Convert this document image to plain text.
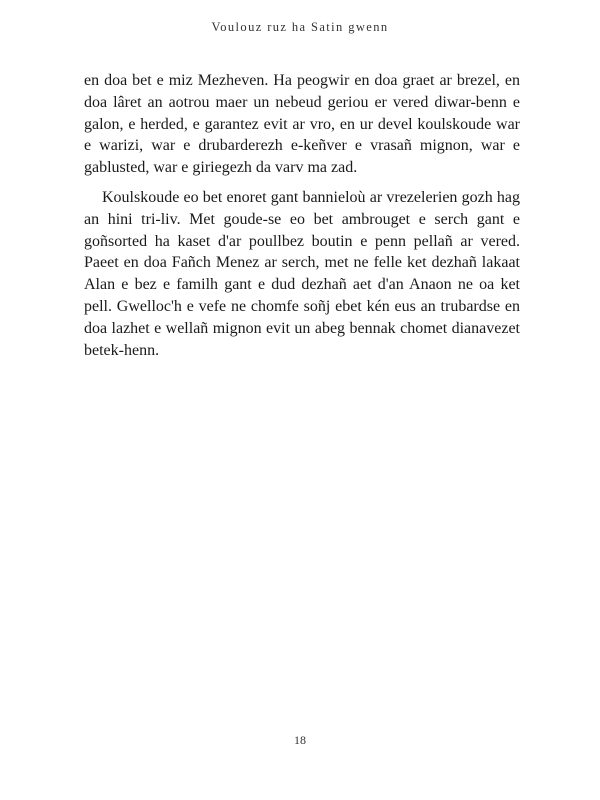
Voulouz ruz ha Satin gwenn

en doa bet e miz Mezheven. Ha peogwir en doa graet ar brezel, en doa lâret an aotrou maer un nebeud geriou er vered diwar-benn e galon, e herded, e garantez evit ar vro, en ur devel koulskoude war e warizi, war e drubarderezh e-keñver e vrasañ mignon, war e gablusted, war e giriegezh da varv ma zad.

Koulskoude eo bet enoret gant bannieloù ar vrezelerien gozh hag an hini tri-liv. Met goude-se eo bet ambrouget e serch gant e goñsorted ha kaset d'ar poullbez boutin e penn pellañ ar vered. Paeet en doa Fañch Menez ar serch, met ne felle ket dezhañ lakaat Alan e bez e familh gant e dud dezhañ aet d'an Anaon ne oa ket pell. Gwelloc'h e vefe ne chomfe soñj ebet kén eus an trubardse en doa lazhet e wellañ mignon evit un abeg bennak chomet dianavezet betek-henn.

18
